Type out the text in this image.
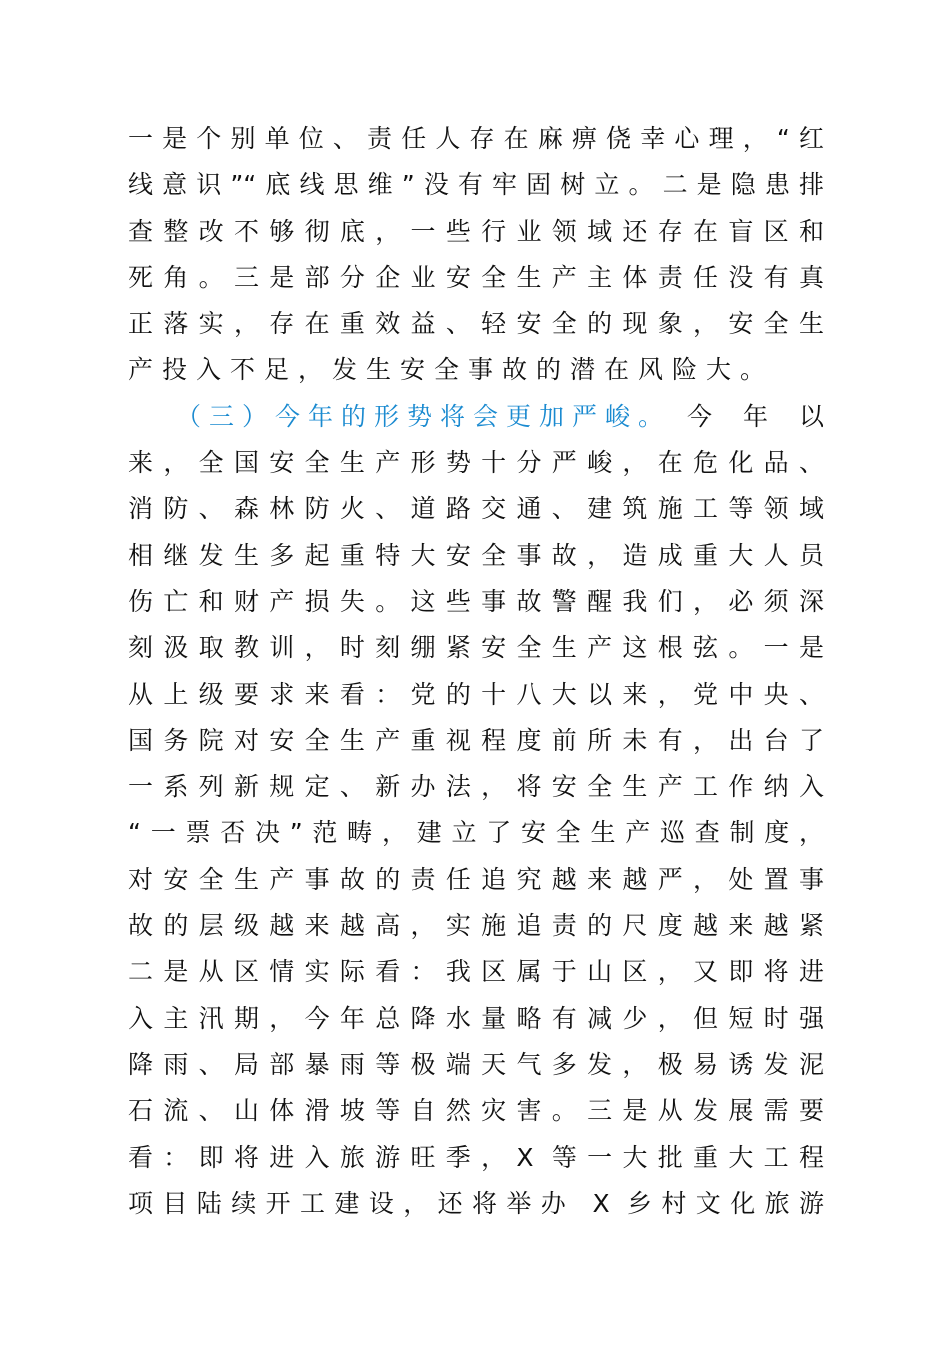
一是个别单位、责任人存在麻痹侥幸心理，“红
线意识”“底线思维”没有牢固树立。二是隐患排
查整改不够彻底，一些行业领域还存在盲区和
死角。三是部分企业安全生产主体责任没有真
正落实，存在重效益、轻安全的现象，安全生
产投入不足，发生安全事故的潜在风险大。
（三）今年的形势将会更加严峻。 今年以
来，全国安全生产形势十分严峻，在危化品、
消防、森林防火、道路交通、建筑施工等领域
相继发生多起重特大安全事故，造成重大人员
伤亡和财产损失。这些事故警醒我们，必须深
刻汲取教训，时刻绷紧安全生产这根弦。一是
从上级要求来看：党的十八大以来，党中央、
国务院对安全生产重视程度前所未有，出台了
一系列新规定、新办法，将安全生产工作纳入
“一票否决”范畴，建立了安全生产巡查制度，
对安全生产事故的责任追究越来越严，处置事
故的层级越来越高，实施追责的尺度越来越紧
二是从区情实际看：我区属于山区，又即将进
入主汛期，今年总降水量略有减少，但短时强
降雨、局部暴雨等极端天气多发，极易诱发泥
石流、山体滑坡等自然灾害。三是从发展需要
看：即将进入旅游旺季，X 等一大批重大工程
项目陆续开工建设，还将举办 X 乡村文化旅游
